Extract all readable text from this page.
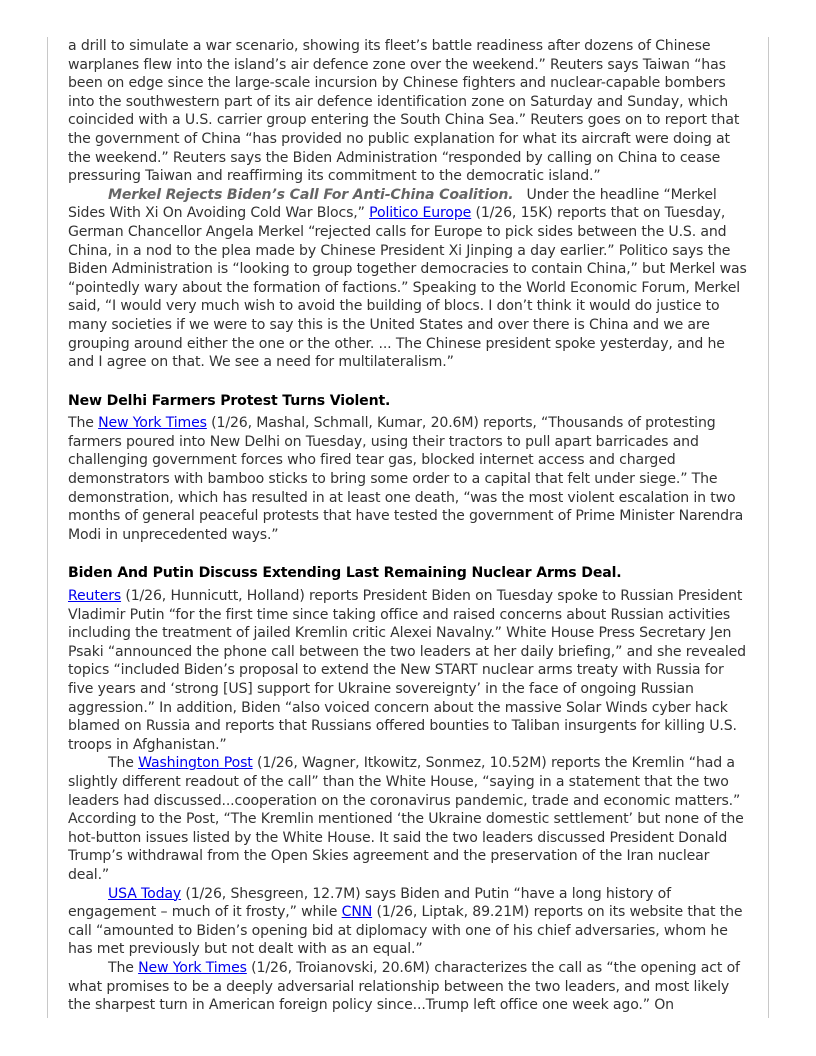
a drill to simulate a war scenario, showing its fleet’s battle readiness after dozens of Chinese warplanes flew into the island’s air defence zone over the weekend.” Reuters says Taiwan “has been on edge since the large-scale incursion by Chinese fighters and nuclear-capable bombers into the southwestern part of its air defence identification zone on Saturday and Sunday, which coincided with a U.S. carrier group entering the South China Sea.” Reuters goes on to report that the government of China “has provided no public explanation for what its aircraft were doing at the weekend.” Reuters says the Biden Administration “responded by calling on China to cease pressuring Taiwan and reaffirming its commitment to the democratic island.”

Merkel Rejects Biden’s Call For Anti-China Coalition.   Under the headline “Merkel Sides With Xi On Avoiding Cold War Blocs,” Politico Europe (1/26, 15K) reports that on Tuesday, German Chancellor Angela Merkel “rejected calls for Europe to pick sides between the U.S. and China, in a nod to the plea made by Chinese President Xi Jinping a day earlier.” Politico says the Biden Administration is “looking to group together democracies to contain China,” but Merkel was “pointedly wary about the formation of factions.” Speaking to the World Economic Forum, Merkel said, “I would very much wish to avoid the building of blocs. I don’t think it would do justice to many societies if we were to say this is the United States and over there is China and we are grouping around either the one or the other. ... The Chinese president spoke yesterday, and he and I agree on that. We see a need for multilateralism.”

New Delhi Farmers Protest Turns Violent.

The New York Times (1/26, Mashal, Schmall, Kumar, 20.6M) reports, “Thousands of protesting farmers poured into New Delhi on Tuesday, using their tractors to pull apart barricades and challenging government forces who fired tear gas, blocked internet access and charged demonstrators with bamboo sticks to bring some order to a capital that felt under siege.” The demonstration, which has resulted in at least one death, “was the most violent escalation in two months of general peaceful protests that have tested the government of Prime Minister Narendra Modi in unprecedented ways.”

Biden And Putin Discuss Extending Last Remaining Nuclear Arms Deal.

Reuters (1/26, Hunnicutt, Holland) reports President Biden on Tuesday spoke to Russian President Vladimir Putin “for the first time since taking office and raised concerns about Russian activities including the treatment of jailed Kremlin critic Alexei Navalny.” White House Press Secretary Jen Psaki “announced the phone call between the two leaders at her daily briefing,” and she revealed topics “included Biden’s proposal to extend the New START nuclear arms treaty with Russia for five years and ‘strong [US] support for Ukraine sovereignty’ in the face of ongoing Russian aggression.” In addition, Biden “also voiced concern about the massive Solar Winds cyber hack blamed on Russia and reports that Russians offered bounties to Taliban insurgents for killing U.S. troops in Afghanistan.”

The Washington Post (1/26, Wagner, Itkowitz, Sonmez, 10.52M) reports the Kremlin “had a slightly different readout of the call” than the White House, “saying in a statement that the two leaders had discussed...cooperation on the coronavirus pandemic, trade and economic matters.” According to the Post, “The Kremlin mentioned ‘the Ukraine domestic settlement’ but none of the hot-button issues listed by the White House. It said the two leaders discussed President Donald Trump’s withdrawal from the Open Skies agreement and the preservation of the Iran nuclear deal.”

USA Today (1/26, Shesgreen, 12.7M) says Biden and Putin “have a long history of engagement – much of it frosty,” while CNN (1/26, Liptak, 89.21M) reports on its website that the call “amounted to Biden’s opening bid at diplomacy with one of his chief adversaries, whom he has met previously but not dealt with as an equal.”

The New York Times (1/26, Troianovski, 20.6M) characterizes the call as “the opening act of what promises to be a deeply adversarial relationship between the two leaders, and most likely the sharpest turn in American foreign policy since...Trump left office one week ago.” On
